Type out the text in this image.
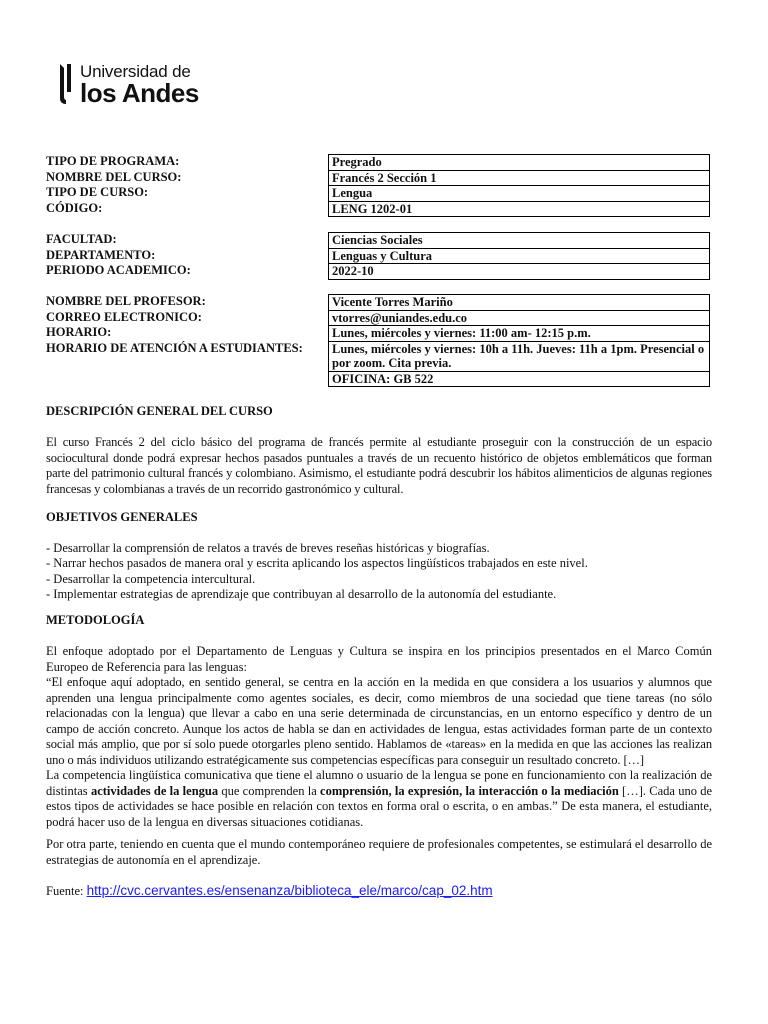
Universidad de
los Andes
TIPO DE PROGRAMA:
NOMBRE DEL CURSO:
TIPO DE CURSO:
CÓDIGO:
Pregrado
Francés 2 Sección 1
Lengua
LENG 1202-01
FACULTAD:
DEPARTAMENTO:
PERIODO ACADEMICO:
Ciencias Sociales
Lenguas y Cultura
2022-10
NOMBRE DEL PROFESOR:
CORREO ELECTRONICO:
HORARIO:
HORARIO DE ATENCIÓN A ESTUDIANTES:
Vicente Torres Mariño
vtorres@uniandes.edu.co
Lunes, miércoles y viernes: 11:00 am- 12:15 p.m.
Lunes, miércoles y viernes: 10h a 11h. Jueves: 11h a 1pm. Presencial o por zoom. Cita previa.
OFICINA: GB 522
DESCRIPCIÓN GENERAL DEL CURSO
El curso Francés 2 del ciclo básico del programa de francés permite al estudiante proseguir con la construcción de un espacio sociocultural donde podrá expresar hechos pasados puntuales a través de un recuento histórico de objetos emblemáticos que forman parte del patrimonio cultural francés y colombiano. Asimismo, el estudiante podrá descubrir los hábitos alimenticios de algunas regiones francesas y colombianas a través de un recorrido gastronómico y cultural.
OBJETIVOS GENERALES
- Desarrollar la comprensión de relatos a través de breves reseñas históricas y biografías.
- Narrar hechos pasados de manera oral y escrita aplicando los aspectos lingüísticos trabajados en este nivel.
- Desarrollar la competencia intercultural.
- Implementar estrategias de aprendizaje que contribuyan al desarrollo de la autonomía del estudiante.
METODOLOGÍA
El enfoque adoptado por el Departamento de Lenguas y Cultura se inspira en los principios presentados en el Marco Común Europeo de Referencia para las lenguas:
“El enfoque aquí adoptado, en sentido general, se centra en la acción en la medida en que considera a los usuarios y alumnos que aprenden una lengua principalmente como agentes sociales, es decir, como miembros de una sociedad que tiene tareas (no sólo relacionadas con la lengua) que llevar a cabo en una serie determinada de circunstancias, en un entorno específico y dentro de un campo de acción concreto. Aunque los actos de habla se dan en actividades de lengua, estas actividades forman parte de un contexto social más amplio, que por sí solo puede otorgarles pleno sentido. Hablamos de «tareas» en la medida en que las acciones las realizan uno o más individuos utilizando estratégicamente sus competencias específicas para conseguir un resultado concreto. […]
La competencia lingüística comunicativa que tiene el alumno o usuario de la lengua se pone en funcionamiento con la realización de distintas actividades de la lengua que comprenden la comprensión, la expresión, la interacción o la mediación […]. Cada uno de estos tipos de actividades se hace posible en relación con textos en forma oral o escrita, o en ambas.” De esta manera, el estudiante, podrá hacer uso de la lengua en diversas situaciones cotidianas.
Por otra parte, teniendo en cuenta que el mundo contemporáneo requiere de profesionales competentes, se estimulará el desarrollo de estrategias de autonomía en el aprendizaje.
Fuente: http://cvc.cervantes.es/ensenanza/biblioteca_ele/marco/cap_02.htm
